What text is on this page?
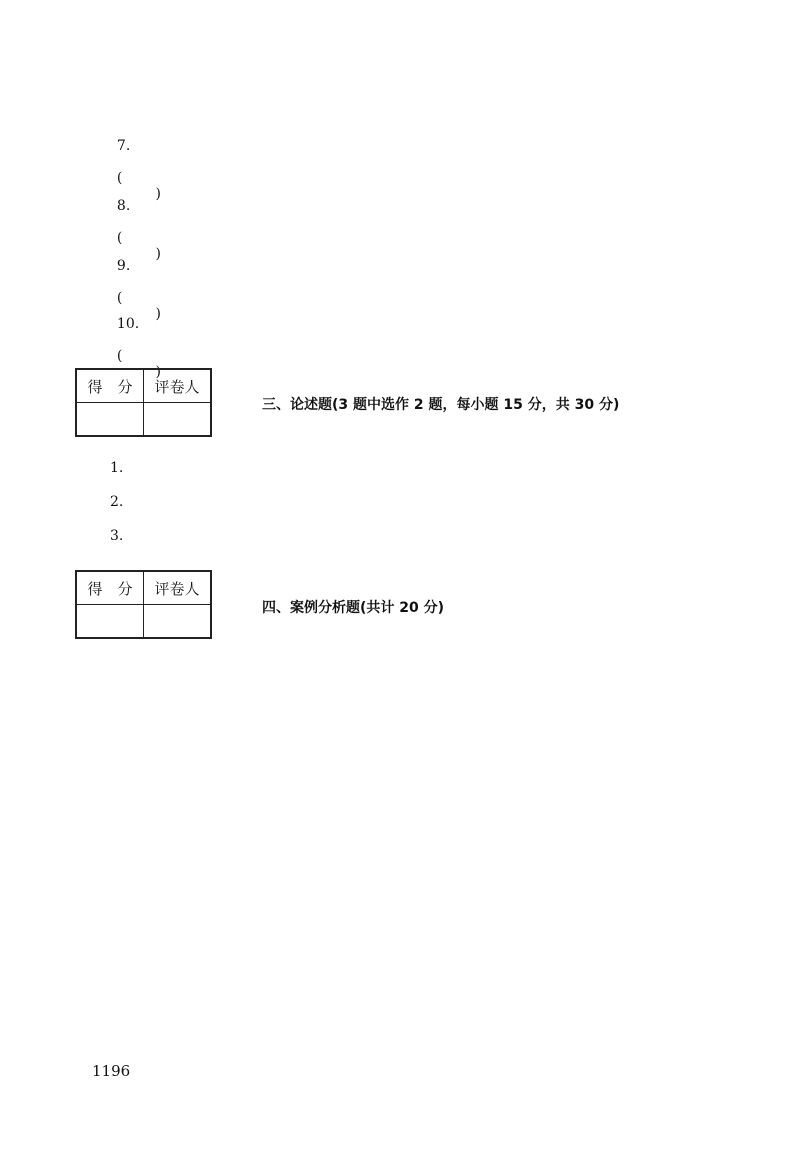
7.

(

)

8.

(

)

9.

(

)

10.

(

)

得　分	评卷人

三、论述题(3 题中选作 2 题，每小题 15 分，共 30 分)
1.
2.
3.
得　分	评卷人

四、案例分析题(共计 20 分)
1196
